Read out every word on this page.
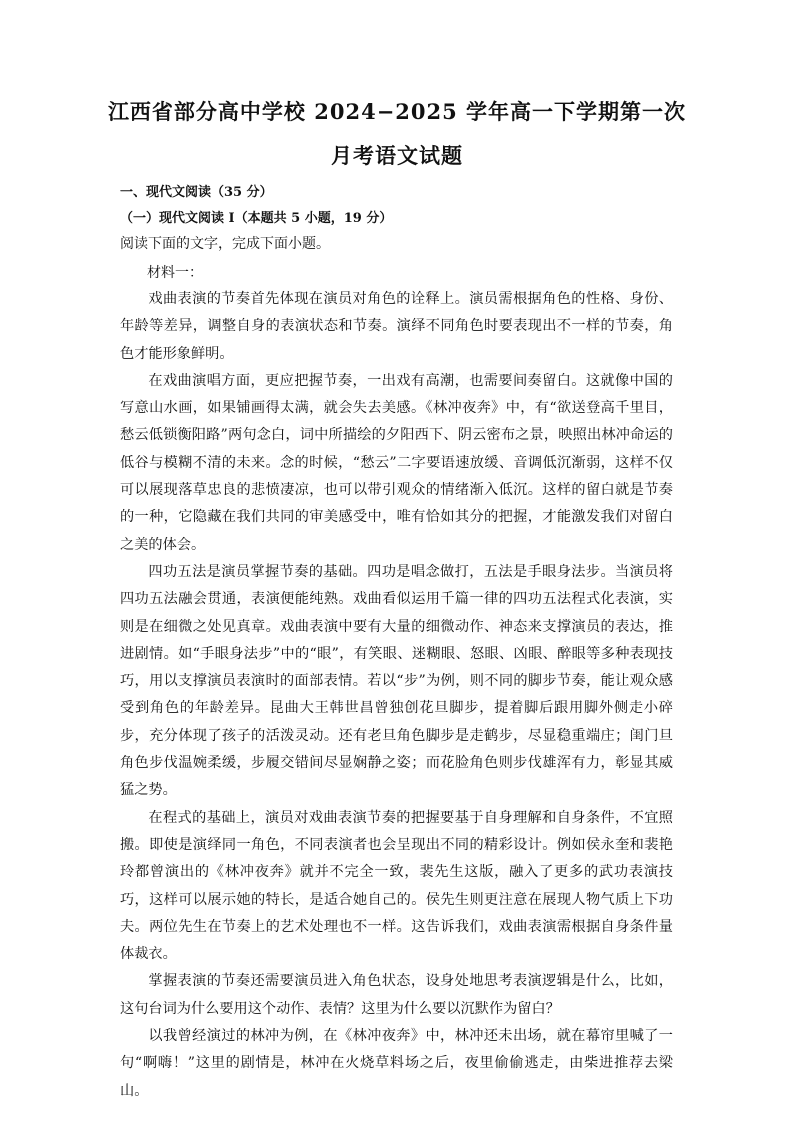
江西省部分高中学校 2024−2025 学年高一下学期第一次
月考语文试题
一、现代文阅读（35 分）
（一）现代文阅读 I（本题共 5 小题，19 分）
阅读下面的文字，完成下面小题。
材料一：

戏曲表演的节奏首先体现在演员对角色的诠释上。演员需根据角色的性格、身份、年龄等差异，调整自身的表演状态和节奏。演绎不同角色时要表现出不一样的节奏，角色才能形象鲜明。

在戏曲演唱方面，更应把握节奏，一出戏有高潮，也需要间奏留白。这就像中国的写意山水画，如果铺画得太满，就会失去美感。《林冲夜奔》中，有“欲送登高千里目，愁云低锁衡阳路”两句念白，词中所描绘的夕阳西下、阴云密布之景，映照出林冲命运的低谷与模糊不清的未来。念的时候，“愁云”二字要语速放缓、音调低沉渐弱，这样不仅可以展现落草忠良的悲愤凄凉，也可以带引观众的情绪渐入低沉。这样的留白就是节奏的一种，它隐藏在我们共同的审美感受中，唯有恰如其分的把握，才能激发我们对留白之美的体会。

四功五法是演员掌握节奏的基础。四功是唱念做打，五法是手眼身法步。当演员将四功五法融会贯通，表演便能纯熟。戏曲看似运用千篇一律的四功五法程式化表演，实则是在细微之处见真章。戏曲表演中要有大量的细微动作、神态来支撑演员的表达，推进剧情。如“手眼身法步”中的“眼”，有笑眼、迷糊眼、怒眼、凶眼、醉眼等多种表现技巧，用以支撑演员表演时的面部表情。若以“步”为例，则不同的脚步节奏，能让观众感受到角色的年龄差异。昆曲大王韩世昌曾独创花旦脚步，提着脚后跟用脚外侧走小碎步，充分体现了孩子的活泼灵动。还有老旦角色脚步是走鹤步，尽显稳重端庄；闺门旦角色步伐温婉柔缓，步履交错间尽显娴静之姿；而花脸角色则步伐雄浑有力，彰显其威猛之势。

在程式的基础上，演员对戏曲表演节奏的把握要基于自身理解和自身条件，不宜照搬。即使是演绎同一角色，不同表演者也会呈现出不同的精彩设计。例如侯永奎和裴艳玲都曾演出的《林冲夜奔》就并不完全一致，裴先生这版，融入了更多的武功表演技巧，这样可以展示她的特长，是适合她自己的。侯先生则更注意在展现人物气质上下功夫。两位先生在节奏上的艺术处理也不一样。这告诉我们，戏曲表演需根据自身条件量体裁衣。

掌握表演的节奏还需要演员进入角色状态，设身处地思考表演逻辑是什么，比如，这句台词为什么要用这个动作、表情？这里为什么要以沉默作为留白？

以我曾经演过的林冲为例，在《林冲夜奔》中，林冲还未出场，就在幕帘里喊了一句“啊嗨！”这里的剧情是，林冲在火烧草料场之后，夜里偷偷逃走，由柴进推荐去梁山。
